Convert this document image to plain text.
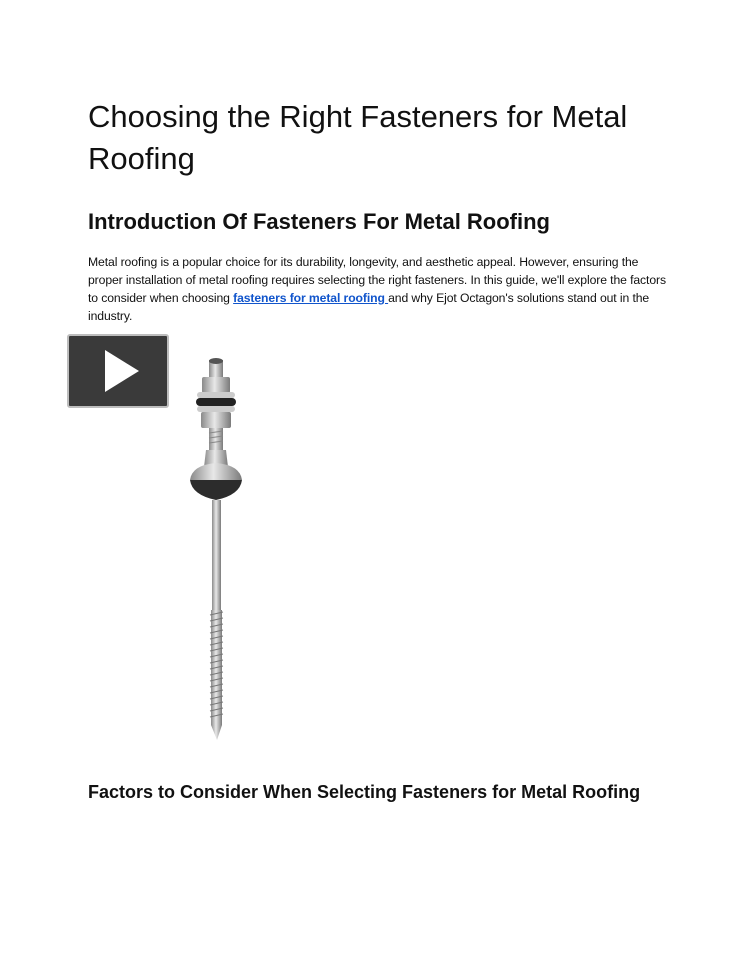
Choosing the Right Fasteners for Metal Roofing
Introduction Of Fasteners For Metal Roofing

Metal roofing is a popular choice for its durability, longevity, and aesthetic appeal. However, ensuring the proper installation of metal roofing requires selecting the right fasteners. In this guide, we'll explore the factors to consider when choosing fasteners for metal roofing and why Ejot Octagon's solutions stand out in the industry.

Factors to Consider When Selecting Fasteners for Metal Roofing
